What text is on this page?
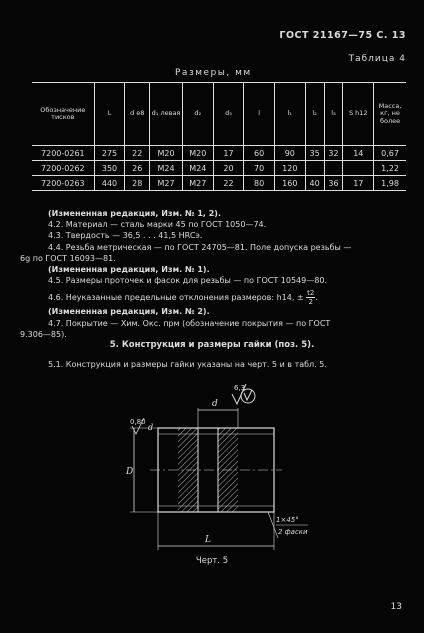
ГОСТ 21167—75 С. 13
Таблица 4
Размеры, мм
Обозначение тисков	L	d e8	d₁ левая	d₂	d₃	l	l₁	l₂	l₃	S h12	Масса, кг, не более
7200-0261	275	22	M20	M20	17	60	90	35	32	14	0,67
7200-0262	350	26	M24	M24	20	70	120				1,22
7200-0263	440	28	M27	M27	22	80	160	40	36	17	1,98

(Измененная редакция, Изм. № 1, 2).

4.2. Материал — сталь марки 45 по ГОСТ 1050—74.

4.3. Твердость — 36,5 . . . 41,5 HRCэ.

4.4. Резьба метрическая — по ГОСТ 24705—81. Поле допуска резьбы —

6g по ГОСТ 16093—81.

(Измененная редакция, Изм. № 1).

4.5. Размеры проточек и фасок для резьбы — по ГОСТ 10549—80.

4.6. Неуказанные предельные отклонения размеров: h14, ± $\frac{t2}{2}$ .

(Измененная редакция, Изм. № 2).

4.7. Покрытие — Хим. Окс. прм (обозначение покрытия — по ГОСТ

9.306—85).

5. Конструкция и размеры гайки (поз. 5).
5.1. Конструкция и размеры гайки указаны на черт. 5 и в табл. 5.
6,3
d
0,80
d
D
L
1×45°
2 фаски
Черт. 5
13
